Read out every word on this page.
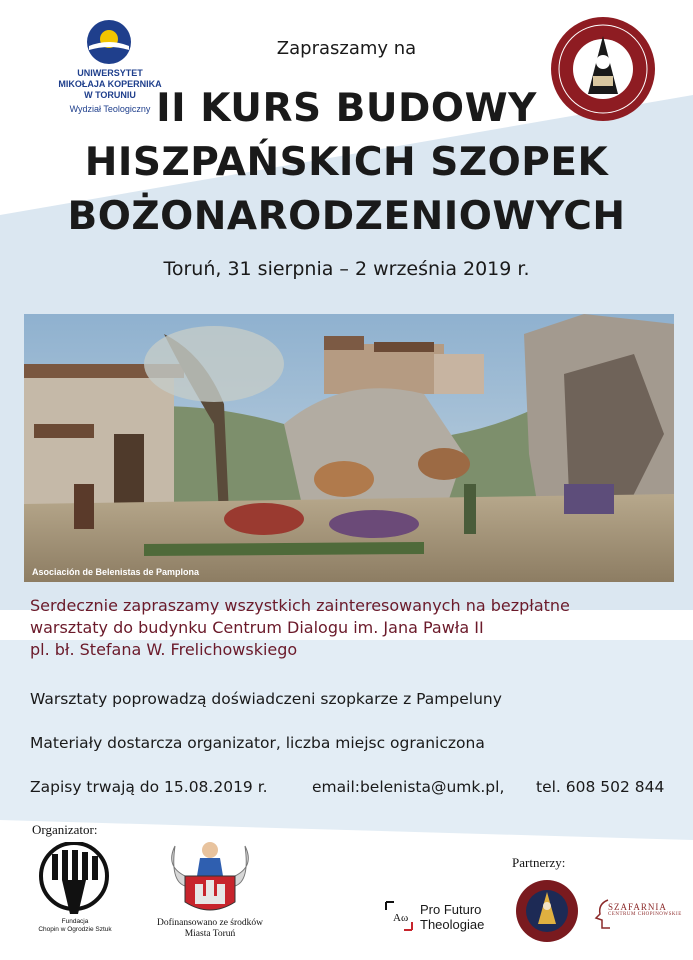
UNIWERSYTET
MIKOŁAJA KOPERNIKA
W TORUNIU
Wydział Teologiczny
Zapraszamy na
II KURS BUDOWY
HISZPAŃSKICH SZOPEK
BOŻONARODZENIOWYCH
Toruń, 31 sierpnia – 2 września 2019 r.
Asociación de Belenistas de Pamplona
Serdecznie zapraszamy wszystkich zainteresowanych na bezpłatne
warsztaty do budynku Centrum Dialogu im. Jana Pawła II
pl. bł. Stefana W. Frelichowskiego
Warsztaty poprowadzą doświadczeni szopkarze z Pampeluny
Materiały dostarcza organizator, liczba miejsc ograniczona
Zapisy trwają do 15.08.2019 r.	email:belenista@umk.pl, tel. 608 502 844
Organizator:
Fundacja
Chopin w Ogrodzie Sztuk
Dofinansowano ze środków
Miasta Toruń
Partnerzy:
Aω
Pro Futuro
Theologiae
SZAFARNIA
CENTRUM CHOPINOWSKIE
